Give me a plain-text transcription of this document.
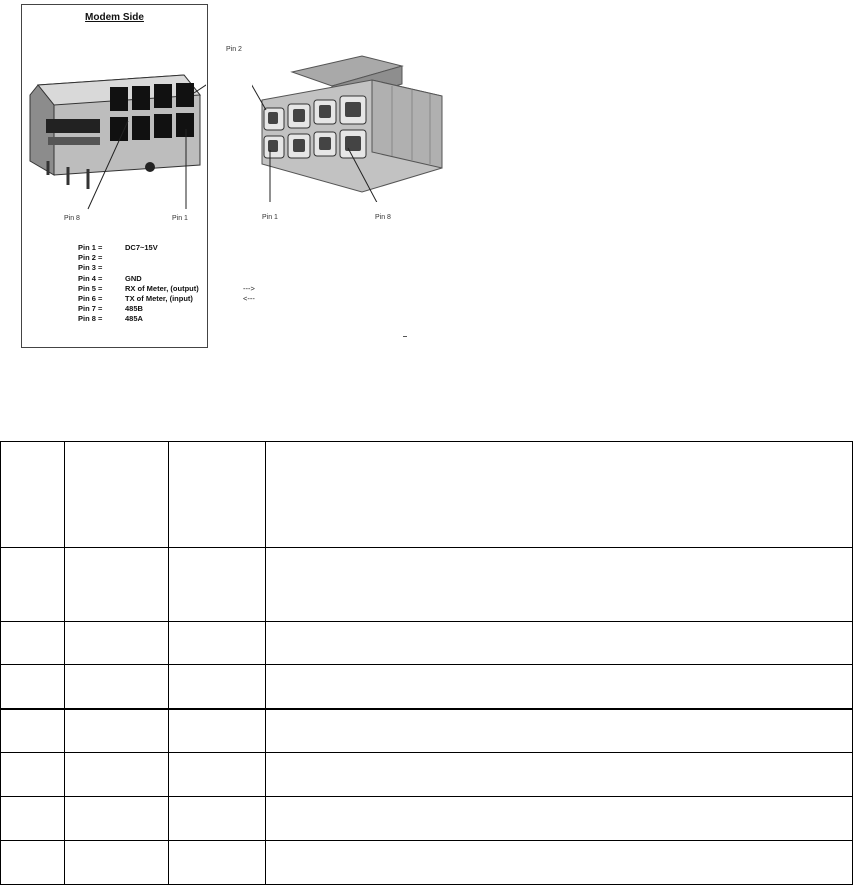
Modem Side
Pin 8	Pin 1
Pin 1 =	DC7~15V
Pin 2 =
Pin 3 =
Pin 4 =	GND
Pin 5 =	RX of Meter, (output)	--->
Pin 6 =	TX of Meter, (input)	<---
Pin 7 =	485B
Pin 8 =	485A
Pin 2
Pin 1	Pin 8
